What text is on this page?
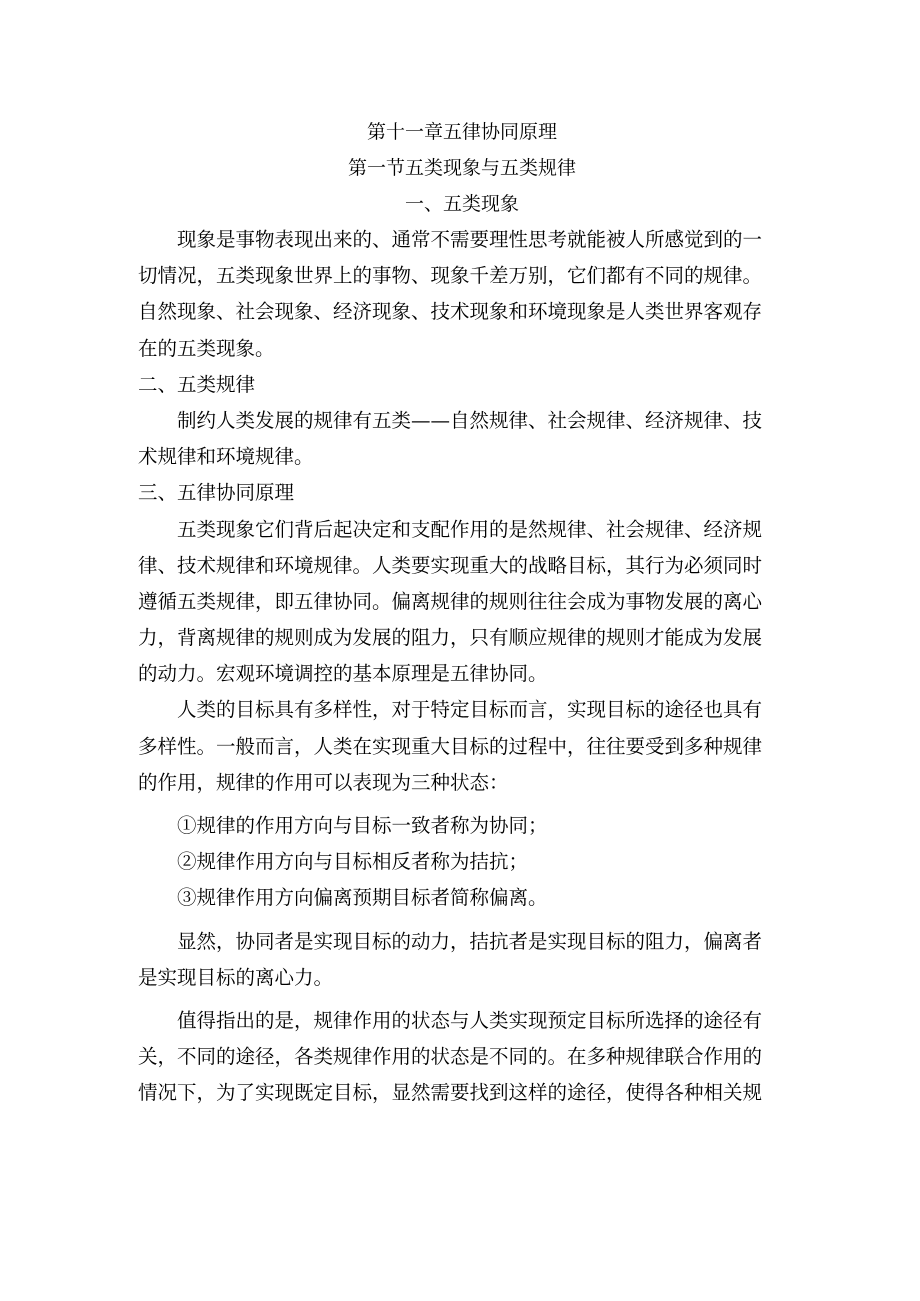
第十一章五律协同原理
第一节五类现象与五类规律
一、五类现象
现象是事物表现出来的、通常不需要理性思考就能被人所感觉到的一
切情况，五类现象世界上的事物、现象千差万别，它们都有不同的规律。
自然现象、社会现象、经济现象、技术现象和环境现象是人类世界客观存
在的五类现象。
二、五类规律
制约人类发展的规律有五类——自然规律、社会规律、经济规律、技
术规律和环境规律。
三、五律协同原理
五类现象它们背后起决定和支配作用的是然规律、社会规律、经济规
律、技术规律和环境规律。人类要实现重大的战略目标，其行为必须同时
遵循五类规律，即五律协同。偏离规律的规则往往会成为事物发展的离心
力，背离规律的规则成为发展的阻力，只有顺应规律的规则才能成为发展
的动力。宏观环境调控的基本原理是五律协同。
人类的目标具有多样性，对于特定目标而言，实现目标的途径也具有
多样性。一般而言，人类在实现重大目标的过程中，往往要受到多种规律
的作用，规律的作用可以表现为三种状态：
①规律的作用方向与目标一致者称为协同；
②规律作用方向与目标相反者称为拮抗；
③规律作用方向偏离预期目标者简称偏离。
显然，协同者是实现目标的动力，拮抗者是实现目标的阻力，偏离者
是实现目标的离心力。
值得指出的是，规律作用的状态与人类实现预定目标所选择的途径有
关，不同的途径，各类规律作用的状态是不同的。在多种规律联合作用的
情况下，为了实现既定目标，显然需要找到这样的途径，使得各种相关规
